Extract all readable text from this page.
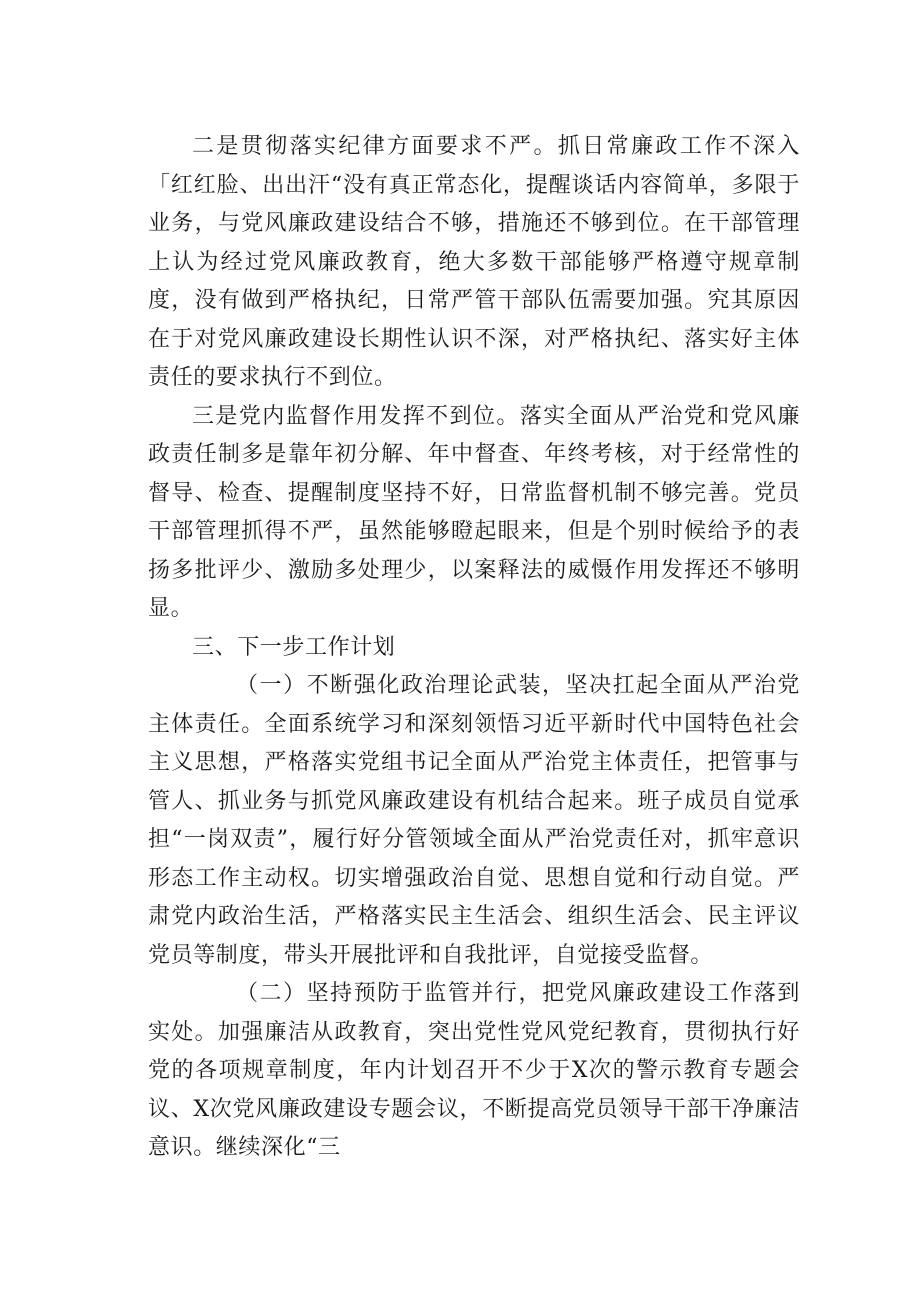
二是贯彻落实纪律方面要求不严。抓日常廉政工作不深入「红红脸、出出汗“没有真正常态化，提醒谈话内容简单，多限于业务，与党风廉政建设结合不够，措施还不够到位。在干部管理上认为经过党风廉政教育，绝大多数干部能够严格遵守规章制度，没有做到严格执纪，日常严管干部队伍需要加强。究其原因在于对党风廉政建设长期性认识不深，对严格执纪、落实好主体责任的要求执行不到位。

三是党内监督作用发挥不到位。落实全面从严治党和党风廉政责任制多是靠年初分解、年中督查、年终考核，对于经常性的督导、检查、提醒制度坚持不好，日常监督机制不够完善。党员干部管理抓得不严，虽然能够瞪起眼来，但是个别时候给予的表扬多批评少、激励多处理少，以案释法的威慑作用发挥还不够明显。

三、下一步工作计划

（一）不断强化政治理论武装，坚决扛起全面从严治党主体责任。全面系统学习和深刻领悟习近平新时代中国特色社会主义思想，严格落实党组书记全面从严治党主体责任，把管事与管人、抓业务与抓党风廉政建设有机结合起来。班子成员自觉承担“一岗双责”，履行好分管领域全面从严治党责任对，抓牢意识形态工作主动权。切实增强政治自觉、思想自觉和行动自觉。严肃党内政治生活，严格落实民主生活会、组织生活会、民主评议党员等制度，带头开展批评和自我批评，自觉接受监督。

（二）坚持预防于监管并行，把党风廉政建设工作落到实处。加强廉洁从政教育，突出党性党风党纪教育，贯彻执行好党的各项规章制度，年内计划召开不少于X次的警示教育专题会议、X次党风廉政建设专题会议，不断提高党员领导干部干净廉洁意识。继续深化“三
